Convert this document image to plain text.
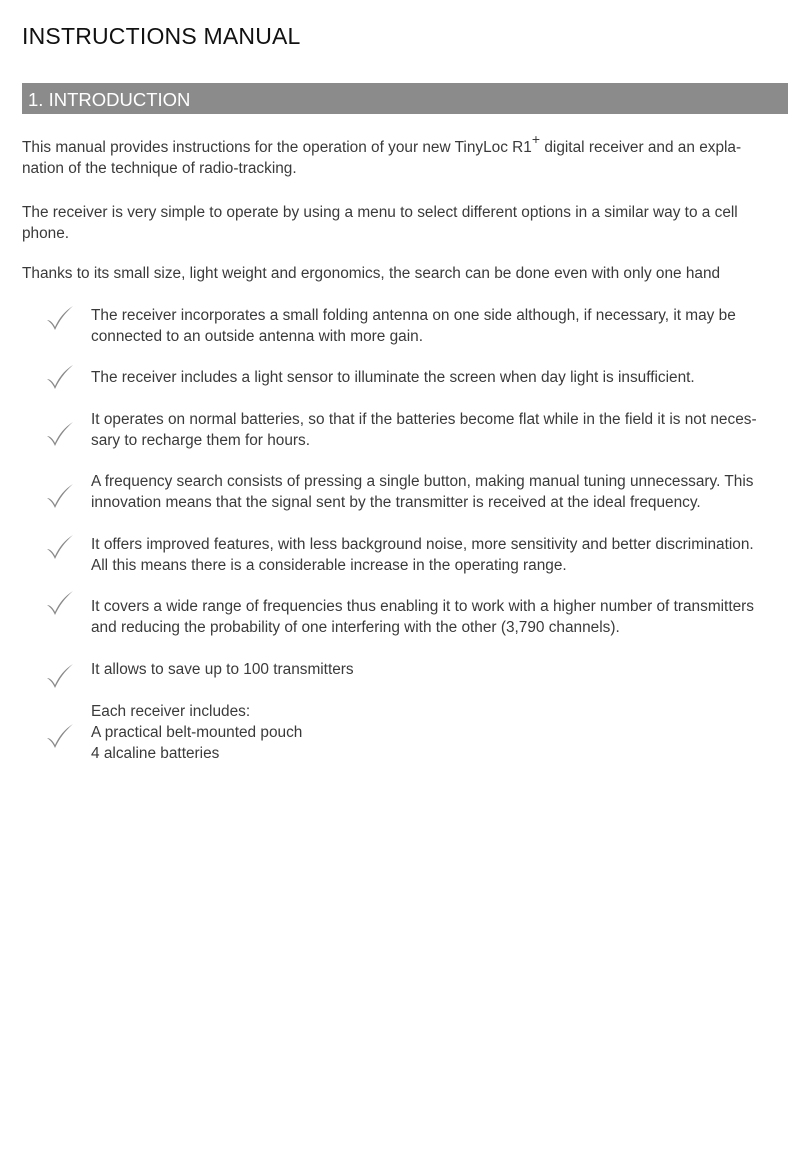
INSTRUCTIONS MANUAL
1. INTRODUCTION

This manual provides instructions for the operation of your new TinyLoc R1+ digital receiver and an expla-
nation of the technique of radio-tracking.

The receiver is very simple to operate by using a menu to select different options in a similar way to a cell
phone.

Thanks to its small size, light weight and ergonomics, the search can be done even with only one hand

The receiver incorporates a small folding antenna on one side although, if necessary, it may be
connected to an outside antenna with more gain.

The receiver includes a light sensor to illuminate the screen when day light is insufficient.

It operates on normal batteries, so that if the batteries become flat while in the field it is not neces-
sary to recharge them for hours.

A frequency search consists of pressing a single button, making manual tuning unnecessary. This
innovation means that the signal sent by the transmitter is received at the ideal frequency.

It offers improved features, with less background noise, more sensitivity and better discrimination.
All this means there is a considerable increase in the operating range.

It covers a wide range of frequencies thus enabling it to work with a higher number of transmitters
and reducing the probability of one interfering with the other (3,790 channels).

It allows to save up to 100 transmitters

Each receiver includes:
A practical belt-mounted pouch
4 alcaline batteries
